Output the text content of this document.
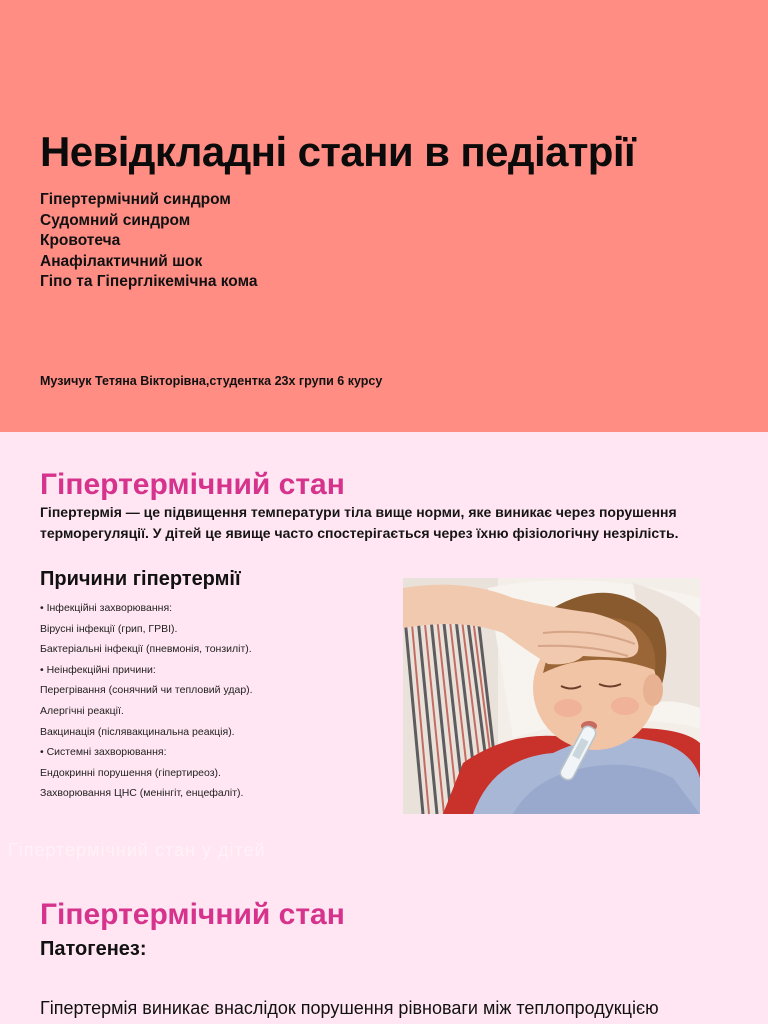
Невідкладні стани в педіатрії
Гіпертермічний синдром
Судомний синдром
Кровотеча
Анафілактичний шок
Гіпо та Гіперглікемічна кома
Музичук Тетяна Вікторівна,студентка 23х групи 6 курсу
Гіпертермічний стан
Гіпертермія — це підвищення температури тіла вище норми, яке виникає через порушення терморегуляції. У дітей це явище часто спостерігається через їхню фізіологічну незрілість.
Причини гіпертермії
• Інфекційні захворювання:
Вірусні інфекції (грип, ГРВІ).
Бактеріальні інфекції (пневмонія, тонзиліт).
• Неінфекційні причини:
Перегрівання (сонячний чи тепловий удар).
Алергічні реакції.
Вакцинація (післявакцинальна реакція).
• Системні захворювання:
Ендокринні порушення (гіпертиреоз).
Захворювання ЦНС (менінгіт, енцефаліт).
Гіпертермічний стан у дітей
Гіпертермічний стан
Патогенез:
Гіпертермія виникає внаслідок порушення рівноваги між теплопродукцією
